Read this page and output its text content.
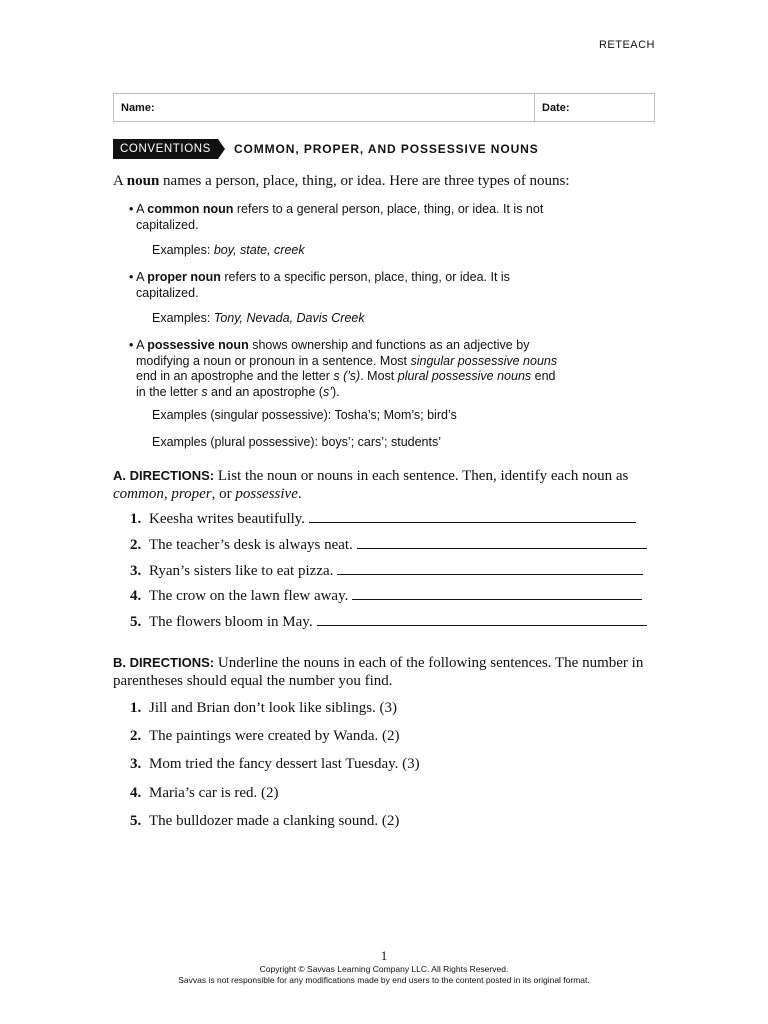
RETEACH
Name:	Date:
CONVENTIONS	COMMON, PROPER, AND POSSESSIVE NOUNS
A noun names a person, place, thing, or idea. Here are three types of nouns:
• A common noun refers to a general person, place, thing, or idea. It is not
capitalized.
Examples: boy, state, creek
• A proper noun refers to a specific person, place, thing, or idea. It is
capitalized.
Examples: Tony, Nevada, Davis Creek
• A possessive noun shows ownership and functions as an adjective by
modifying a noun or pronoun in a sentence. Most singular possessive nouns
end in an apostrophe and the letter s (’s). Most plural possessive nouns end
in the letter s and an apostrophe (s’).
Examples (singular possessive): Tosha’s; Mom’s; bird’s
Examples (plural possessive): boys’; cars’; students’
A. DIRECTIONS: List the noun or nouns in each sentence. Then, identify each noun as
common, proper, or possessive.
1. Keesha writes beautifully.
2. The teacher’s desk is always neat.
3. Ryan’s sisters like to eat pizza.
4. The crow on the lawn flew away.
5. The flowers bloom in May.
B. DIRECTIONS: Underline the nouns in each of the following sentences. The number in
parentheses should equal the number you find.
1. Jill and Brian don’t look like siblings. (3)
2. The paintings were created by Wanda. (2)
3. Mom tried the fancy dessert last Tuesday. (3)
4. Maria’s car is red. (2)
5. The bulldozer made a clanking sound. (2)
1
Copyright © Savvas Learning Company LLC. All Rights Reserved.
Savvas is not responsible for any modifications made by end users to the content posted in its original format.
